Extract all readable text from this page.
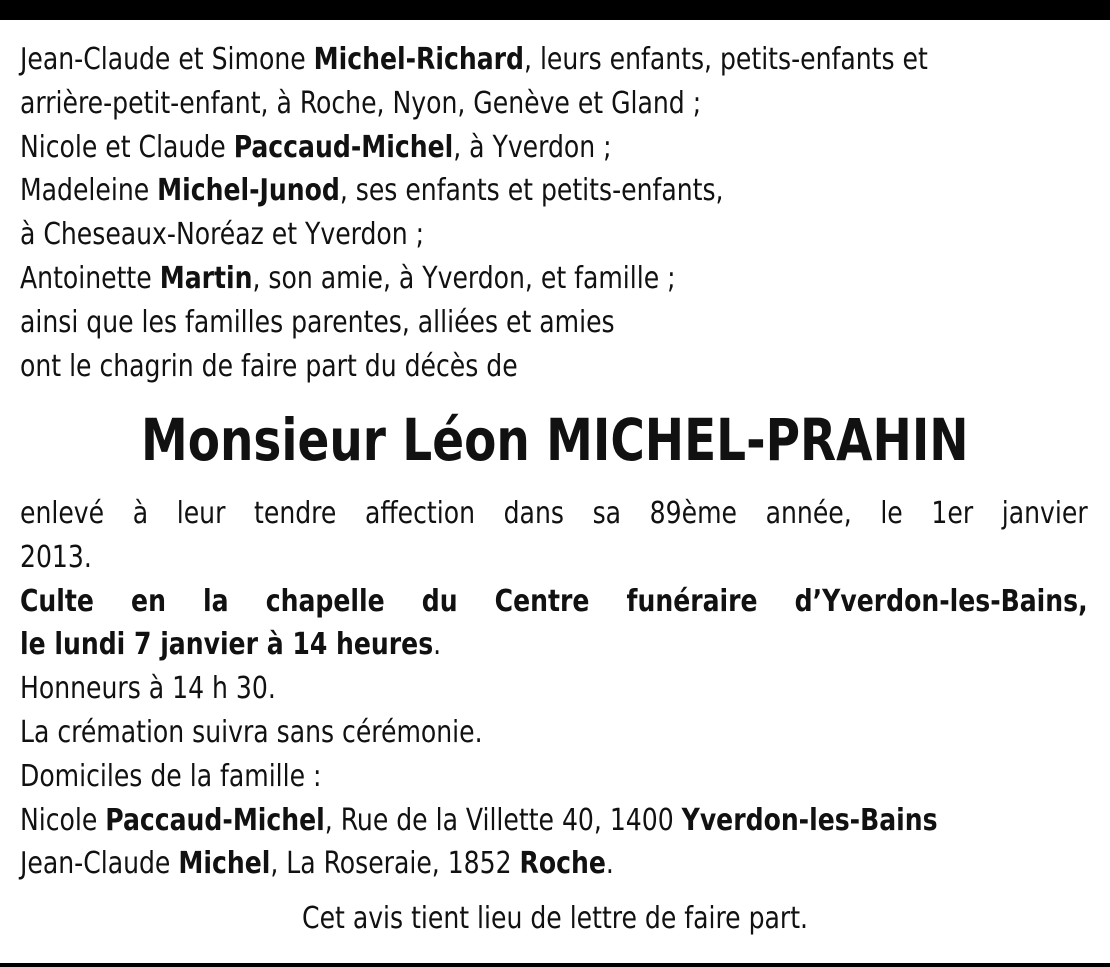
Jean-Claude et Simone Michel-Richard, leurs enfants, petits-enfants et
arrière-petit-enfant, à Roche, Nyon, Genève et Gland ;
Nicole et Claude Paccaud-Michel, à Yverdon ;
Madeleine Michel-Junod, ses enfants et petits-enfants,
à Cheseaux-Noréaz et Yverdon ;
Antoinette Martin, son amie, à Yverdon, et famille ;
ainsi que les familles parentes, alliées et amies
ont le chagrin de faire part du décès de
Monsieur Léon MICHEL-PRAHIN
enlevé à leur tendre affection dans sa 89ème année, le 1er janvier
2013.
Culte en la chapelle du Centre funéraire d’Yverdon-les-Bains,
le lundi 7 janvier à 14 heures.
Honneurs à 14 h 30.
La crémation suivra sans cérémonie.
Domiciles de la famille :
Nicole Paccaud-Michel, Rue de la Villette 40, 1400 Yverdon-les-Bains
Jean-Claude Michel, La Roseraie, 1852 Roche.
Cet avis tient lieu de lettre de faire part.
